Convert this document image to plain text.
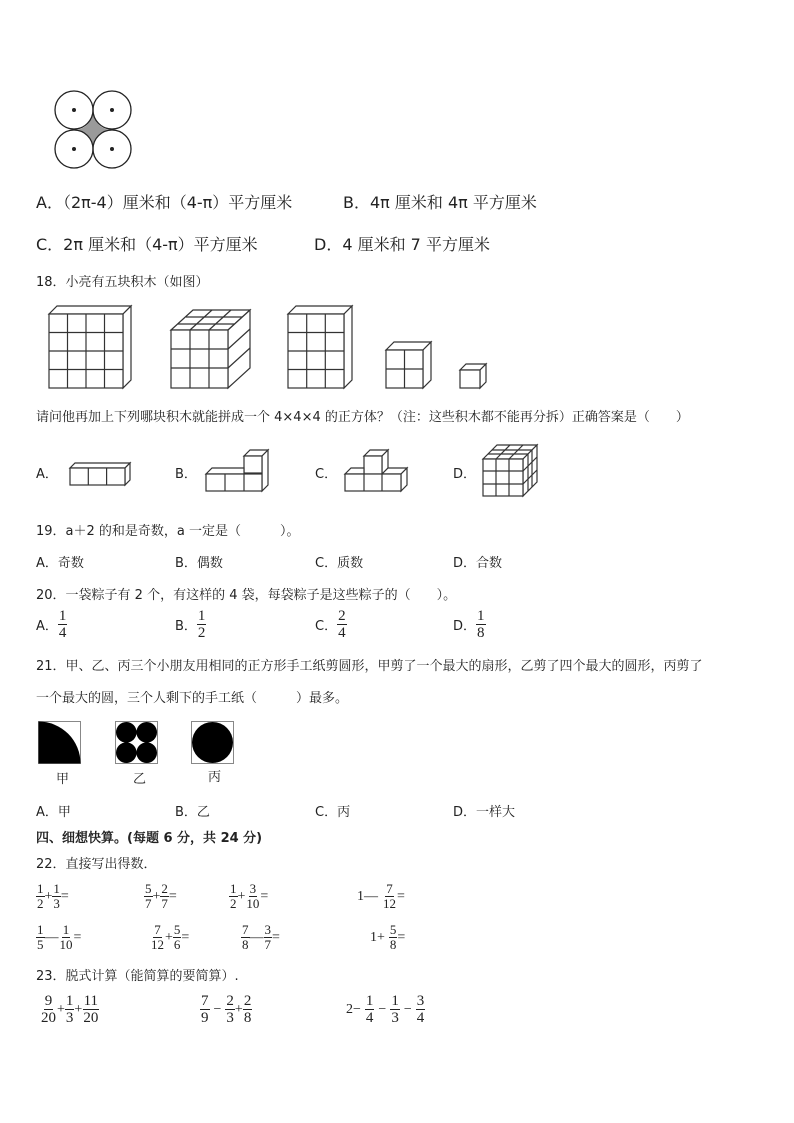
A．（2π-4）厘米和（4-π）平方厘米	B．4π 厘米和 4π 平方厘米
C．2π 厘米和（4-π）平方厘米	D．4 厘米和 7 平方厘米
18．小亮有五块积木（如图）
请问他再加上下列哪块积木就能拼成一个 4×4×4 的正方体？（注：这些积木都不能再分拆）正确答案是（　　）
A．	B．	C．	D．
19．a＋2 的和是奇数，a 一定是（　　　）。
A．奇数	B．偶数	C．质数	D．合数
20．一袋粽子有 2 个，有这样的 4 袋，每袋粽子是这些粽子的（　　）。
A． $\frac{1}{4}$	B． $\frac{1}{2}$	C． $\frac{2}{4}$	D． $\frac{1}{8}$
21．甲、乙、丙三个小朋友用相同的正方形手工纸剪圆形，甲剪了一个最大的扇形，乙剪了四个最大的圆形，丙剪了
一个最大的圆，三个人剩下的手工纸（　　　）最多。
甲	乙	丙
A．甲	B．乙	C．丙	D．一样大
四、细想快算。(每题 6 分，共 24 分)
22．直接写出得数．
$\frac{1}{2} + \frac{1}{3}$ =	$\frac{5}{7} + \frac{2}{7}$ =	$\frac{1}{2} + \frac{3}{10}$ =	1— $\frac{7}{12}$ =
$\frac{1}{5}$ — $\frac{1}{10}$ =	$\frac{7}{12} + \frac{5}{6}$ =	$\frac{7}{8}$ — $\frac{3}{7}$ =	$1+ \frac{5}{8}$ =
23．脱式计算（能简算的要简算）.
$\frac{9}{20} + \frac{1}{3} + \frac{11}{20}$	$\frac{7}{9} - \frac{2}{3} + \frac{2}{8}$	$2- \frac{1}{4} - \frac{1}{3} - \frac{3}{4}$
